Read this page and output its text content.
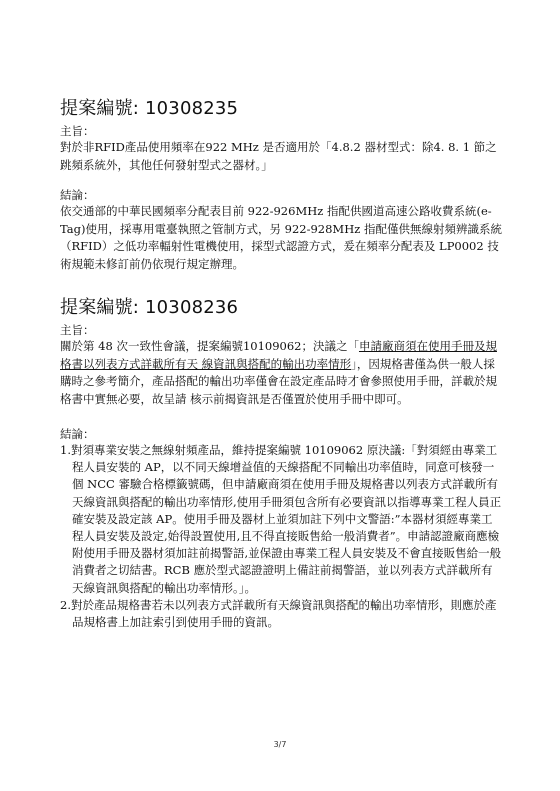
提案編號: 10308235

主旨：

對於非RFID產品使用頻率在922 MHz 是否適用於「4.8.2 器材型式：除4. 8. 1 節之跳頻系統外，其他任何發射型式之器材。」

結論：

依交通部的中華民國頻率分配表目前 922-926MHz 指配供國道高速公路收費系統(e-Tag)使用，採專用電臺執照之管制方式，另 922-928MHz 指配僅供無線射頻辨識系統（RFID）之低功率輻射性電機使用，採型式認證方式，爰在頻率分配表及 LP0002 技術規範未修訂前仍依現行規定辦理。

提案編號: 10308236

主旨：

關於第 48 次一致性會議，提案編號10109062；決議之「申請廠商須在使用手冊及規格書以列表方式詳載所有天 線資訊與搭配的輸出功率情形」，因規格書僅為供一般人採購時之參考簡介，產品搭配的輸出功率僅會在設定產品時才會參照使用手冊，詳載於規格書中實無必要，故呈請 核示前揭資訊是否僅置於使用手冊中即可。

結論：

1.對須專業安裝之無線射頻產品，維持提案編號 10109062 原決議:「對須經由專業工程人員安裝的 AP，以不同天線增益值的天線搭配不同輸出功率值時，同意可核發一個 NCC 審驗合格標籤號碼，但申請廠商須在使用手冊及規格書以列表方式詳載所有天線資訊與搭配的輸出功率情形,使用手冊須包含所有必要資訊以指導專業工程人員正確安裝及設定該 AP。使用手冊及器材上並須加註下列中文警語:”本器材須經專業工程人員安裝及設定,始得設置使用,且不得直接販售給一般消費者”。申請認證廠商應檢附使用手冊及器材須加註前揭警語,並保證由專業工程人員安裝及不會直接販售給一般消費者之切結書。RCB 應於型式認證證明上備註前揭警語，並以列表方式詳載所有天線資訊與搭配的輸出功率情形。」。
2.對於產品規格書若未以列表方式詳載所有天線資訊與搭配的輸出功率情形，則應於產品規格書上加註索引到使用手冊的資訊。
3/7
